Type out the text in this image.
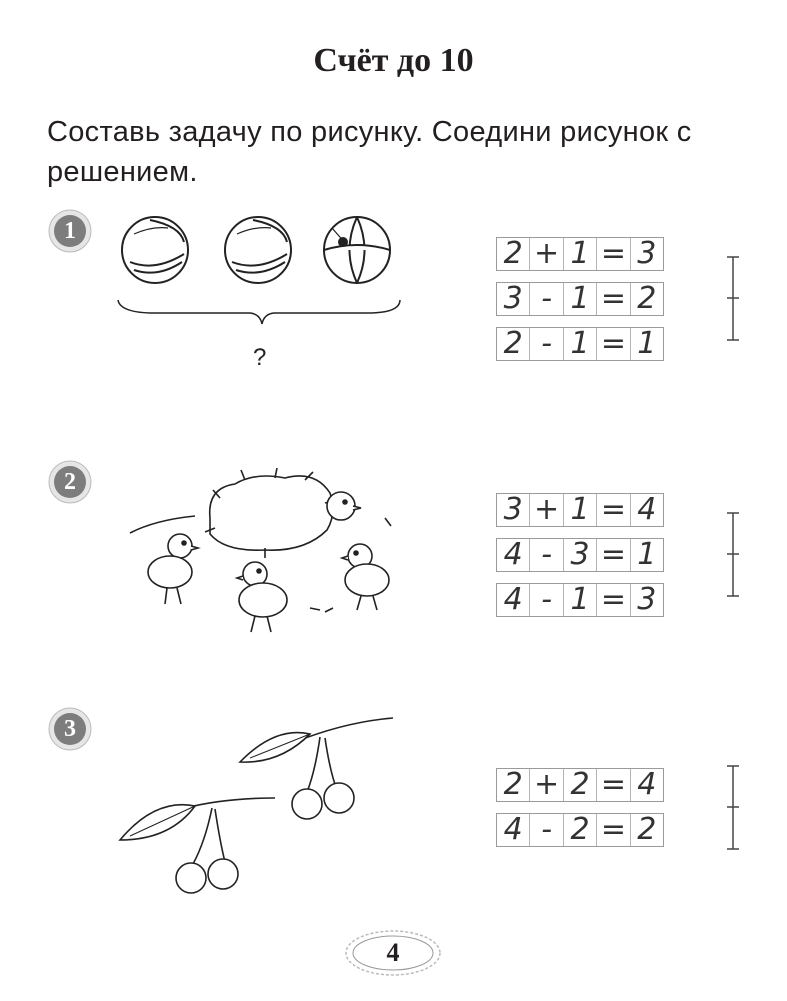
Счёт до 10
Составь задачу по рисунку. Соедини рисунок с решением.
1
?
2 + 1 = 3
3 - 1 = 2
2 - 1 = 1
2
3 + 1 = 4
4 - 3 = 1
4 - 1 = 3
3
2 + 2 = 4
4 - 2 = 2
4
